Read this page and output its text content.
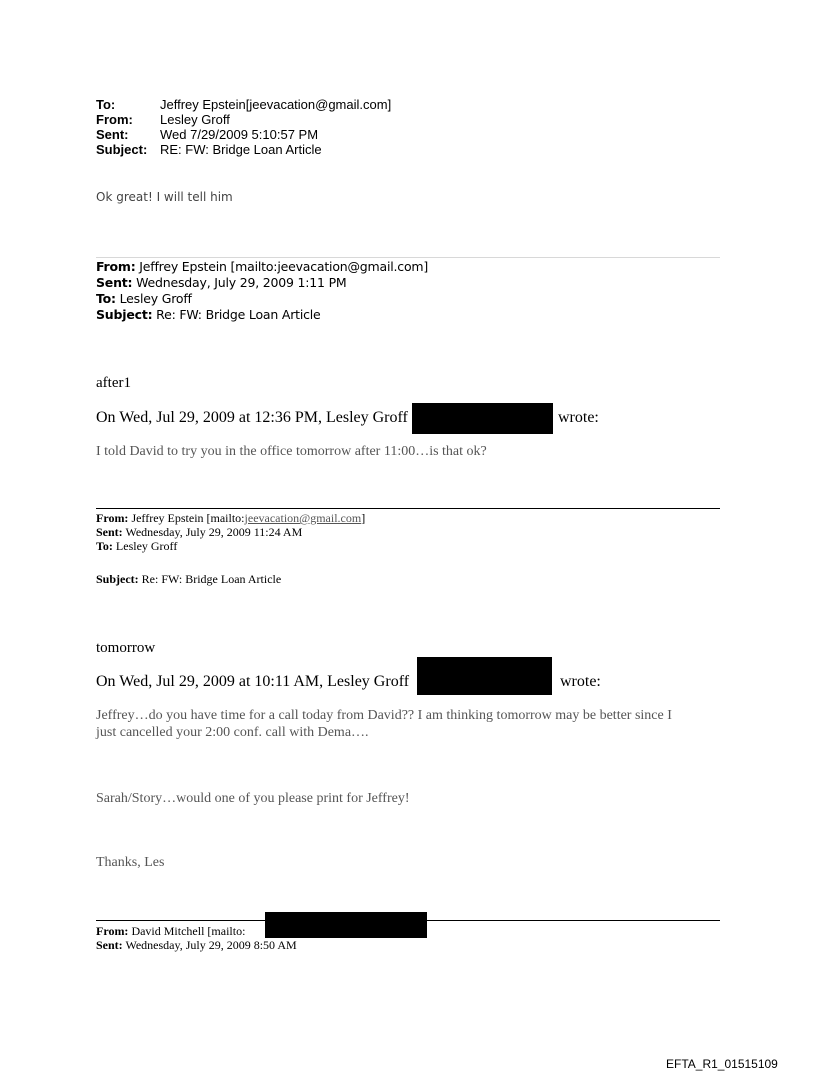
To:	Jeffrey Epstein[jeevacation@gmail.com]
From: Lesley Groff
Sent: Wed 7/29/2009 5:10:57 PM
Subject: RE: FW: Bridge Loan Article
Ok great! I will tell him
From: Jeffrey Epstein [mailto:jeevacation@gmail.com]
Sent: Wednesday, July 29, 2009 1:11 PM
To: Lesley Groff
Subject: Re: FW: Bridge Loan Article
after1
On Wed, Jul 29, 2009 at 12:36 PM, Lesley Groff	wrote:
I told David to try you in the office tomorrow after 11:00…is that ok?
From: Jeffrey Epstein [mailto:jeevacation@gmail.com]
Sent: Wednesday, July 29, 2009 11:24 AM
To: Lesley Groff
Subject: Re: FW: Bridge Loan Article
tomorrow
On Wed, Jul 29, 2009 at 10:11 AM, Lesley Groff	wrote:
Jeffrey…do you have time for a call today from David?? I am thinking tomorrow may be better since I
just cancelled your 2:00 conf. call with Dema….
Sarah/Story…would one of you please print for Jeffrey!
Thanks, Les
From: David Mitchell [mailto:
Sent: Wednesday, July 29, 2009 8:50 AM
EFTA_R1_01515109
